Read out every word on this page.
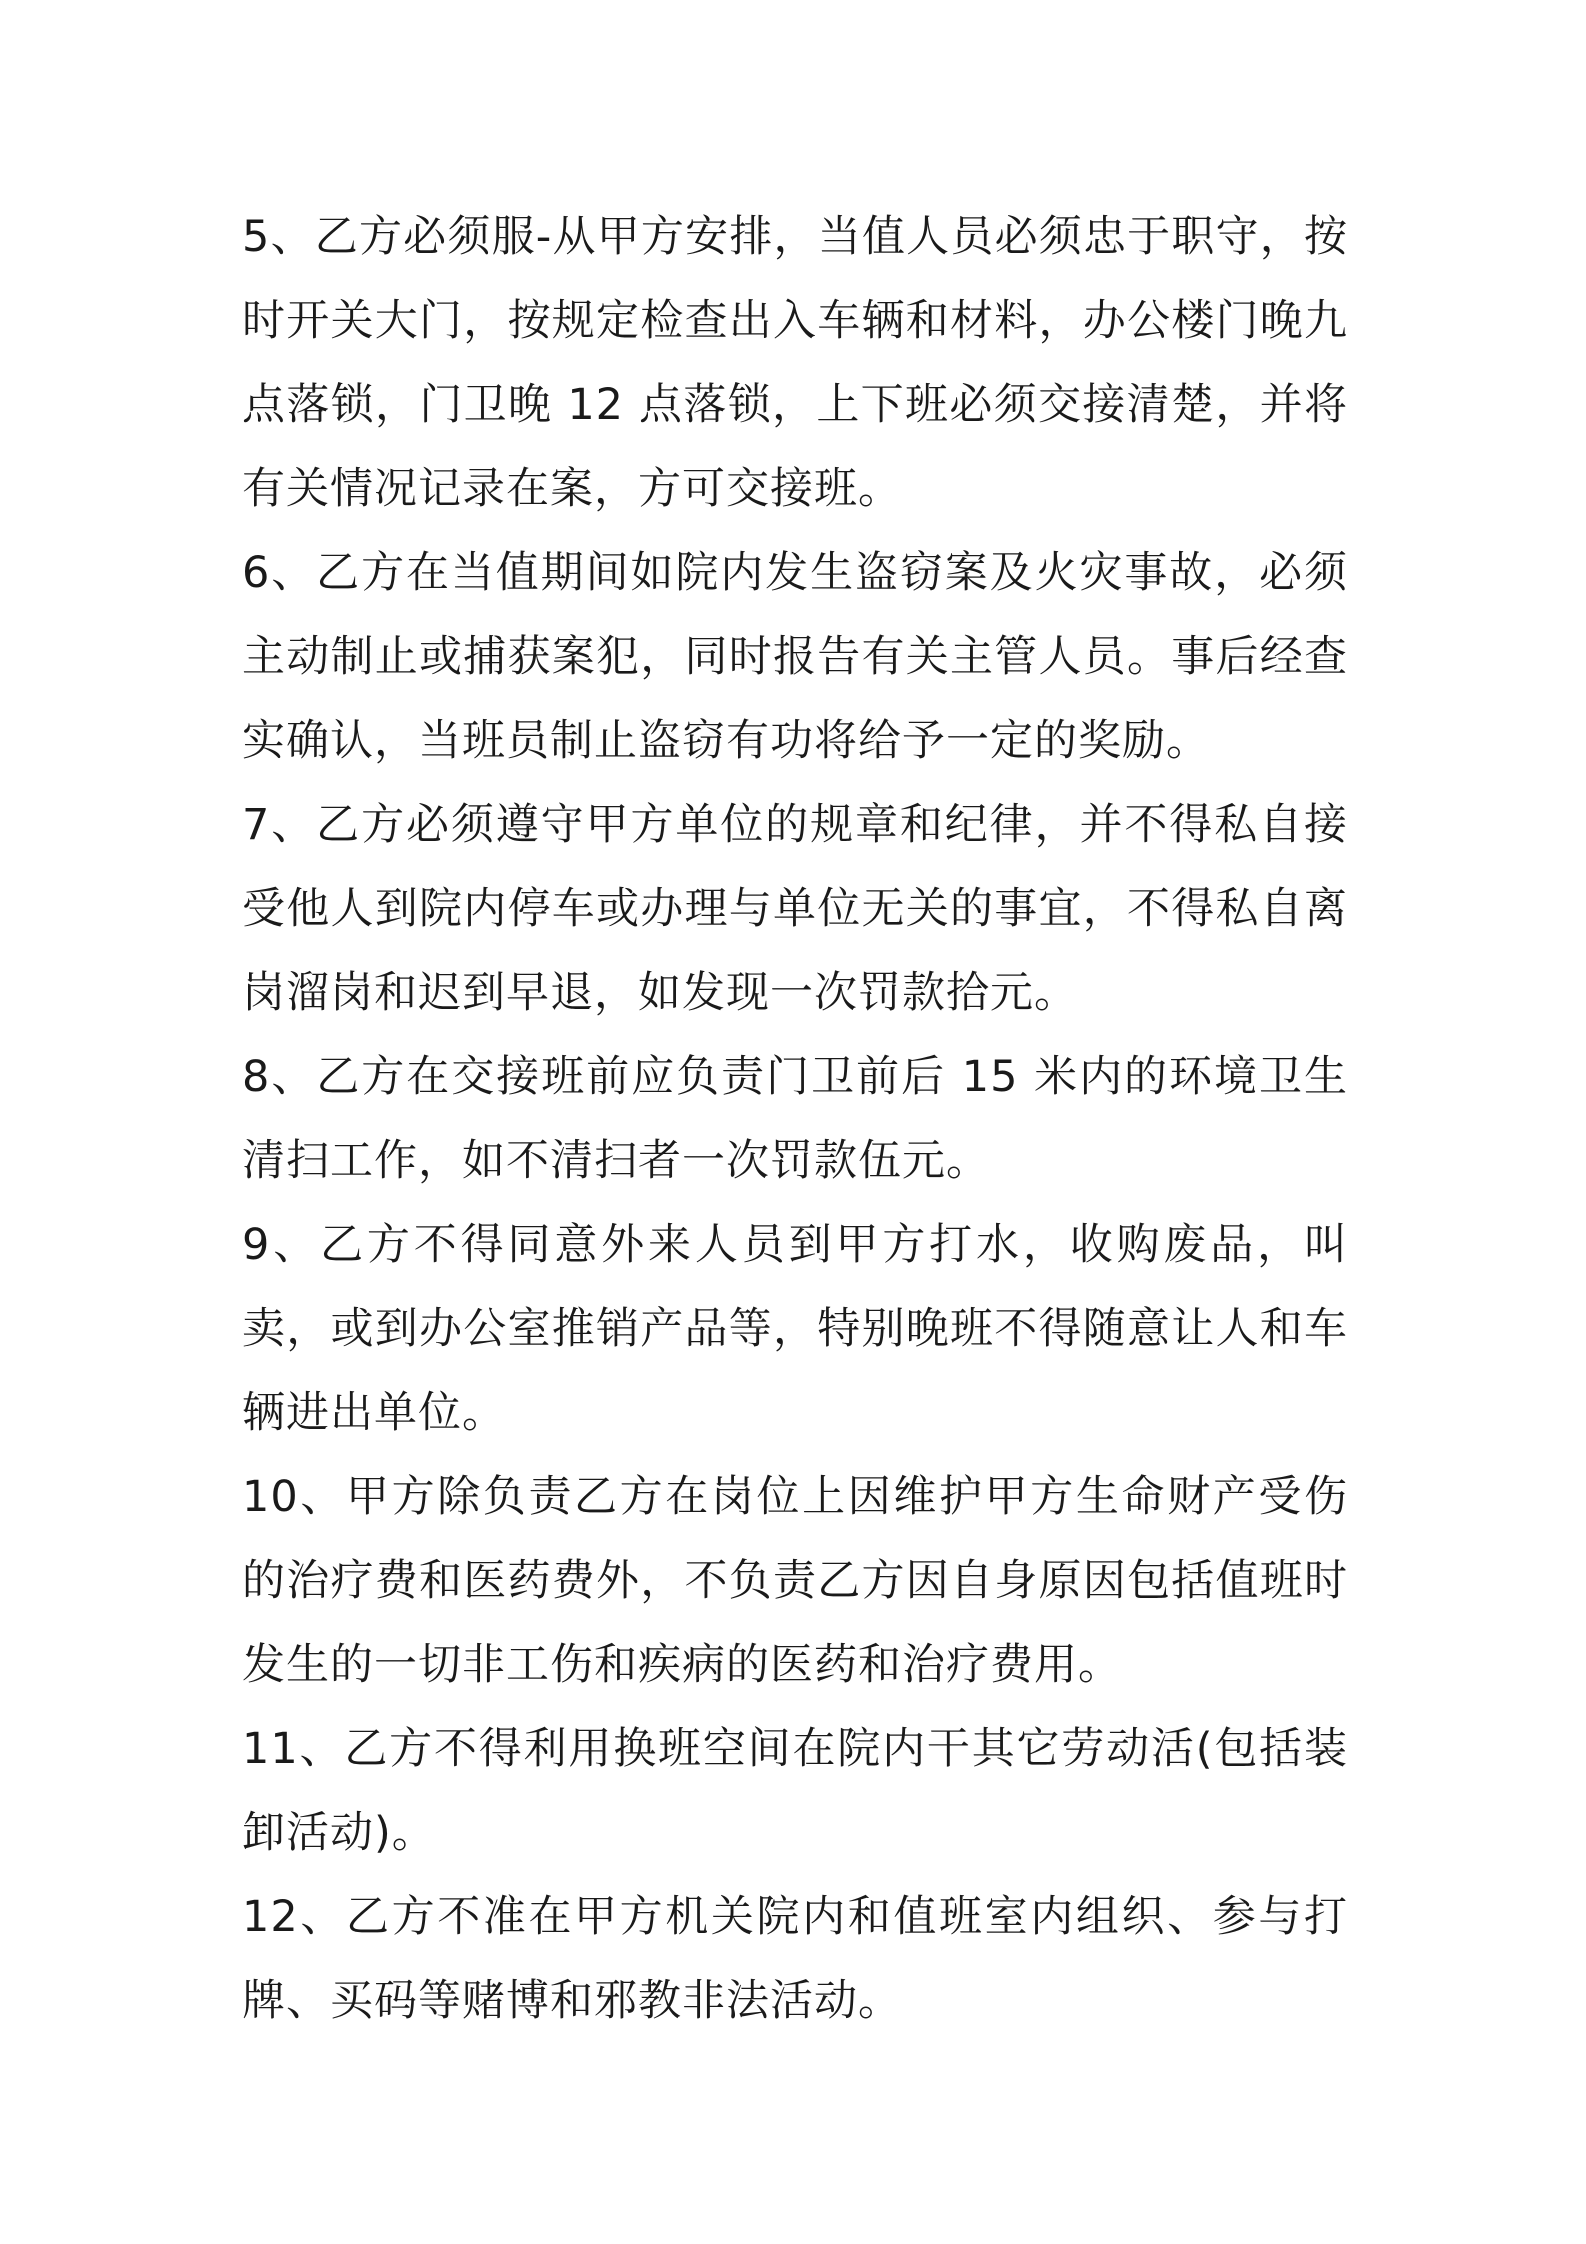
5、乙方必须服-从甲方安排，当值人员必须忠于职守，按时开关大门，按规定检查出入车辆和材料，办公楼门晚九点落锁，门卫晚 12 点落锁，上下班必须交接清楚，并将有关情况记录在案，方可交接班。

6、乙方在当值期间如院内发生盗窃案及火灾事故，必须主动制止或捕获案犯，同时报告有关主管人员。事后经查实确认，当班员制止盗窃有功将给予一定的奖励。

7、乙方必须遵守甲方单位的规章和纪律，并不得私自接受他人到院内停车或办理与单位无关的事宜，不得私自离岗溜岗和迟到早退，如发现一次罚款拾元。

8、乙方在交接班前应负责门卫前后 15 米内的环境卫生清扫工作，如不清扫者一次罚款伍元。

9、乙方不得同意外来人员到甲方打水，收购废品，叫卖，或到办公室推销产品等，特别晚班不得随意让人和车辆进出单位。

10、甲方除负责乙方在岗位上因维护甲方生命财产受伤的治疗费和医药费外，不负责乙方因自身原因包括值班时发生的一切非工伤和疾病的医药和治疗费用。

11、乙方不得利用换班空间在院内干其它劳动活(包括装卸活动)。

12、乙方不准在甲方机关院内和值班室内组织、参与打牌、买码等赌博和邪教非法活动。
